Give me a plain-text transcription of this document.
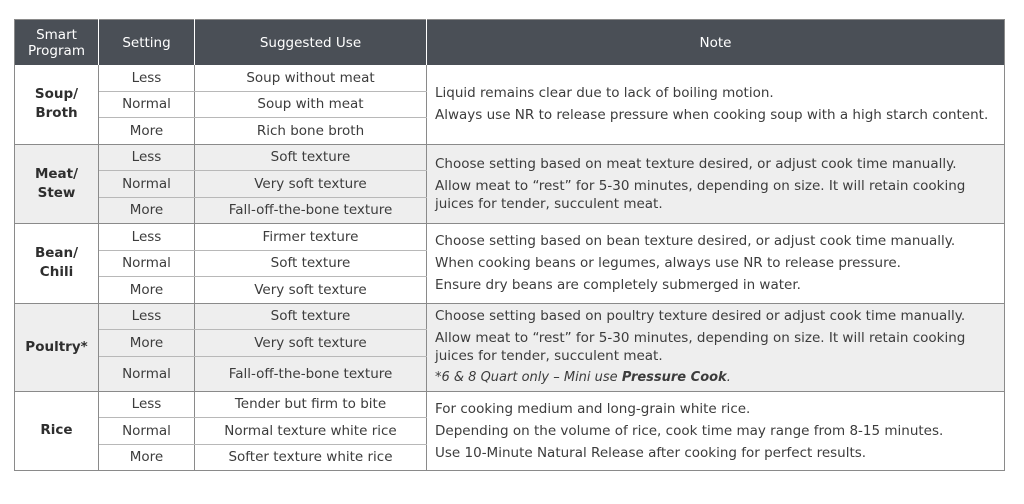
Smart Program	Setting	Suggested Use	Note
Soup/ Broth	Less	Soup without meat	Liquid remains clear due to lack of boiling motion.

Always use NR to release pressure when cooking soup with a high starch content.

	Normal	Soup with meat	
	More	Rich bone broth	
Meat/ Stew	Less	Soft texture	Choose setting based on meat texture desired, or adjust cook time manually.

Allow meat to “rest” for 5-30 minutes, depending on size. It will retain cooking juices for tender, succulent meat.

	Normal	Very soft texture	
	More	Fall-off-the-bone texture	
Bean/ Chili	Less	Firmer texture	Choose setting based on bean texture desired, or adjust cook time manually.

When cooking beans or legumes, always use NR to release pressure.

Ensure dry beans are completely submerged in water.

	Normal	Soft texture	
	More	Very soft texture	
Poultry*	Less	Soft texture	Choose setting based on poultry texture desired or adjust cook time manually.

Allow meat to “rest” for 5-30 minutes, depending on size. It will retain cooking juices for tender, succulent meat.

*6 & 8 Quart only – Mini use Pressure Cook.

	More	Very soft texture	
	Normal	Fall-off-the-bone texture	
Rice	Less	Tender but firm to bite	For cooking medium and long-grain white rice.

Depending on the volume of rice, cook time may range from 8-15 minutes.

Use 10-Minute Natural Release after cooking for perfect results.

	Normal	Normal texture white rice	
	More	Softer texture white rice	
